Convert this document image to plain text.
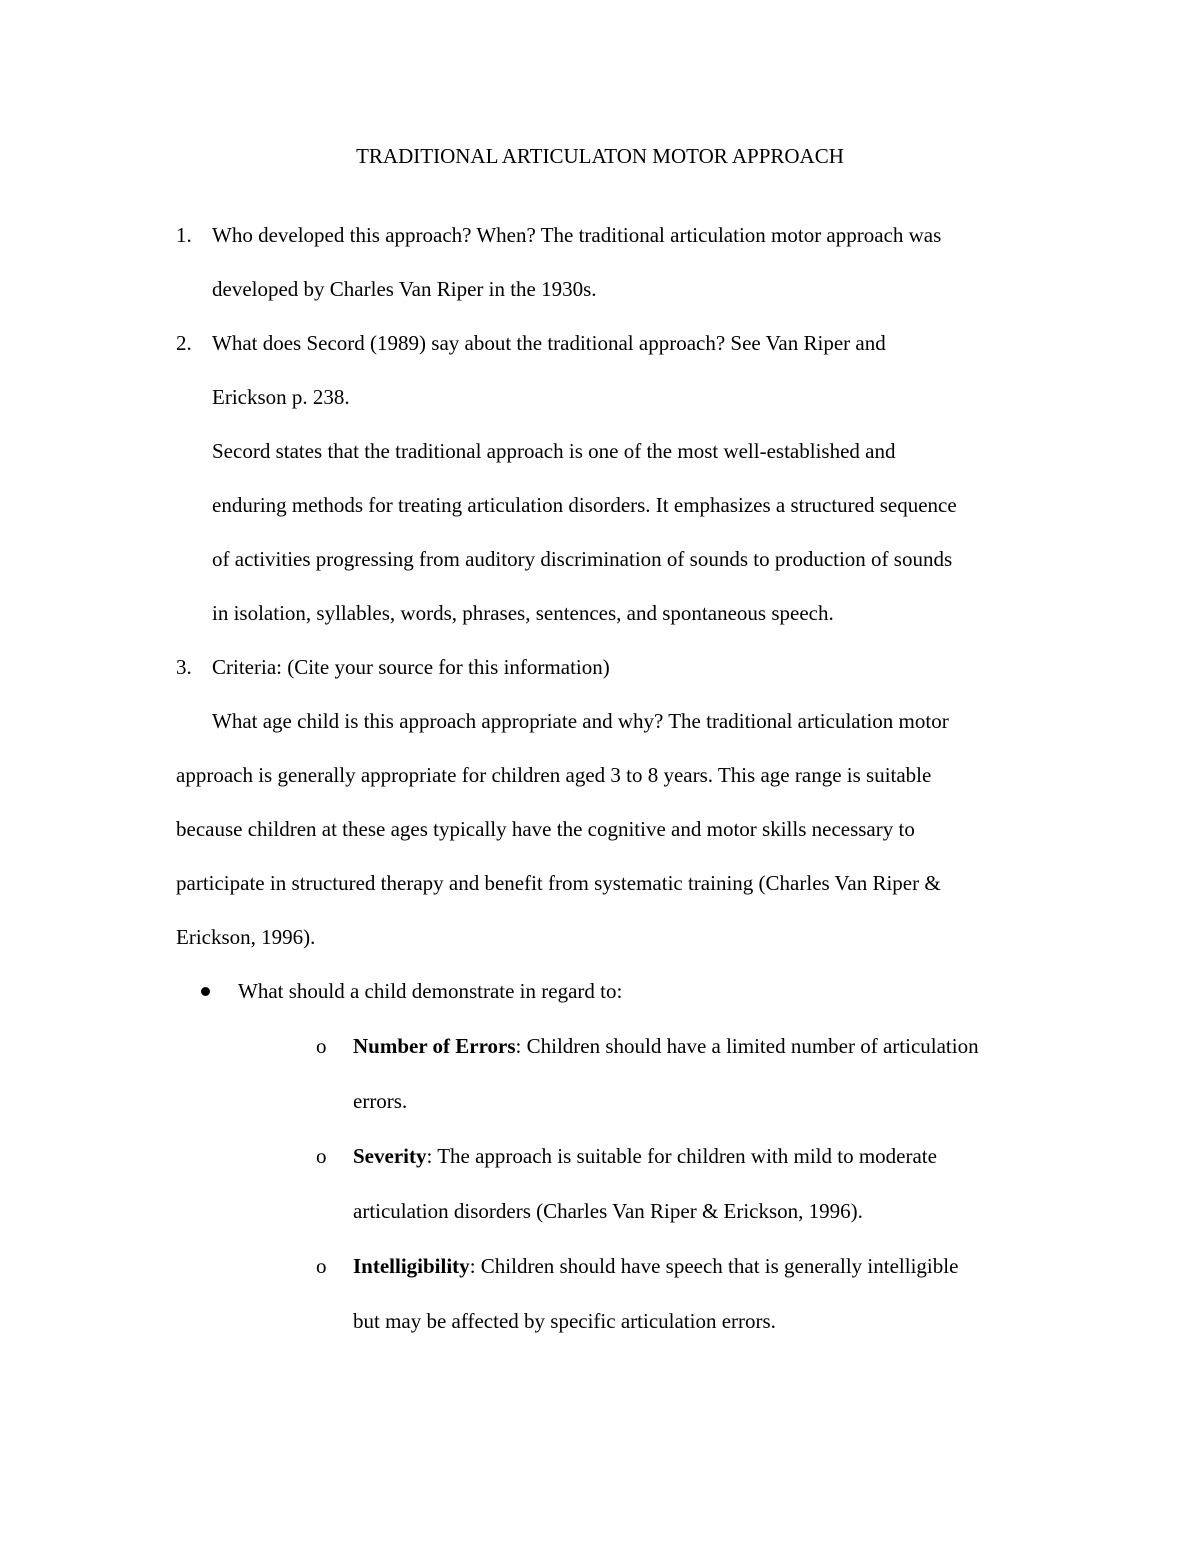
TRADITIONAL ARTICULATON MOTOR APPROACH
1. Who developed this approach? When? The traditional articulation motor approach was
developed by Charles Van Riper in the 1930s.
2. What does Secord (1989) say about the traditional approach? See Van Riper and
Erickson p. 238.
Secord states that the traditional approach is one of the most well-established and
enduring methods for treating articulation disorders. It emphasizes a structured sequence
of activities progressing from auditory discrimination of sounds to production of sounds
in isolation, syllables, words, phrases, sentences, and spontaneous speech.
3. Criteria: (Cite your source for this information)
What age child is this approach appropriate and why? The traditional articulation motor
approach is generally appropriate for children aged 3 to 8 years. This age range is suitable
because children at these ages typically have the cognitive and motor skills necessary to
participate in structured therapy and benefit from systematic training (Charles Van Riper &
Erickson, 1996).
What should a child demonstrate in regard to:
o Number of Errors: Children should have a limited number of articulation
errors.
o Severity: The approach is suitable for children with mild to moderate
articulation disorders (Charles Van Riper & Erickson, 1996).
o Intelligibility: Children should have speech that is generally intelligible
but may be affected by specific articulation errors.
